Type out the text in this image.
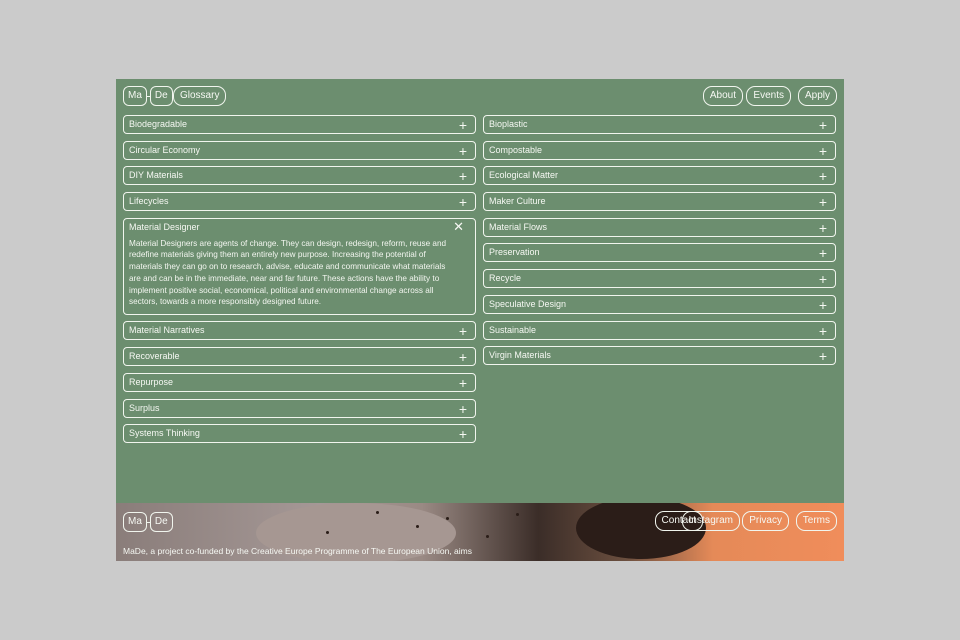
Ma	De	Glossary	About	Events	Apply
Biodegradable	+
Circular Economy	+
DIY Materials	+
Lifecycles	+
Material Designer	✕
Material Designers are agents of change. They can design, redesign, reform, reuse and redefine materials giving them an entirely new purpose. Increasing the potential of materials they can go on to research, advise, educate and communicate what materials are and can be in the immediate, near and far future. These actions have the ability to implement positive social, economical, political and environmental change across all sectors, towards a more responsibly designed future.
Material Narratives	+
Recoverable	+
Repurpose	+
Surplus	+
Systems Thinking	+
Bioplastic	+
Compostable	+
Ecological Matter	+
Maker Culture	+
Material Flows	+
Preservation	+
Recycle	+
Speculative Design	+
Sustainable	+
Virgin Materials	+
Ma	De	Contact
Instagram	Privacy	Terms
MaDe, a project co-funded by the Creative Europe Programme of The European Union, aims
